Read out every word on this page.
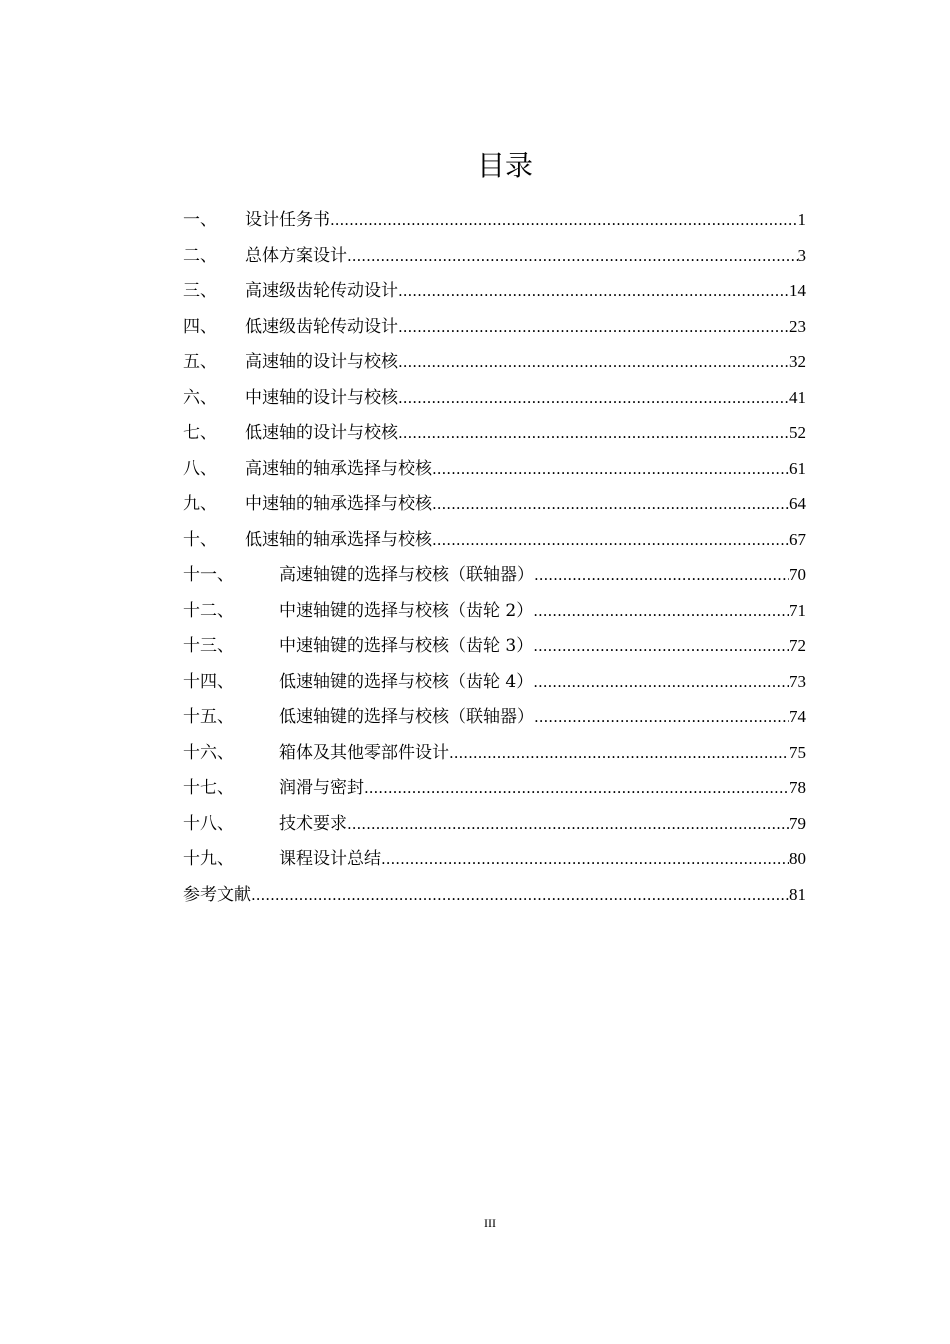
目录
一、	设计任务书 .....	1
二、	总体方案设计 .....	3
三、	高速级齿轮传动设计 .....	14
四、	低速级齿轮传动设计 .....	23
五、	高速轴的设计与校核 .....	32
六、	中速轴的设计与校核 .....	41
七、	低速轴的设计与校核 .....	52
八、	高速轴的轴承选择与校核 .....	61
九、	中速轴的轴承选择与校核 .....	64
十、	低速轴的轴承选择与校核 .....	67
十一、	高速轴键的选择与校核（联轴器） .....	70
十二、	中速轴键的选择与校核（齿轮 2） .....	71
十三、	中速轴键的选择与校核（齿轮 3） .....	72
十四、	低速轴键的选择与校核（齿轮 4） .....	73
十五、	低速轴键的选择与校核（联轴器） .....	74
十六、	箱体及其他零部件设计 .....	75
十七、	润滑与密封 .....	78
十八、	技术要求 .....	79
十九、	课程设计总结 .....	80
参考文献 .....	81
III
